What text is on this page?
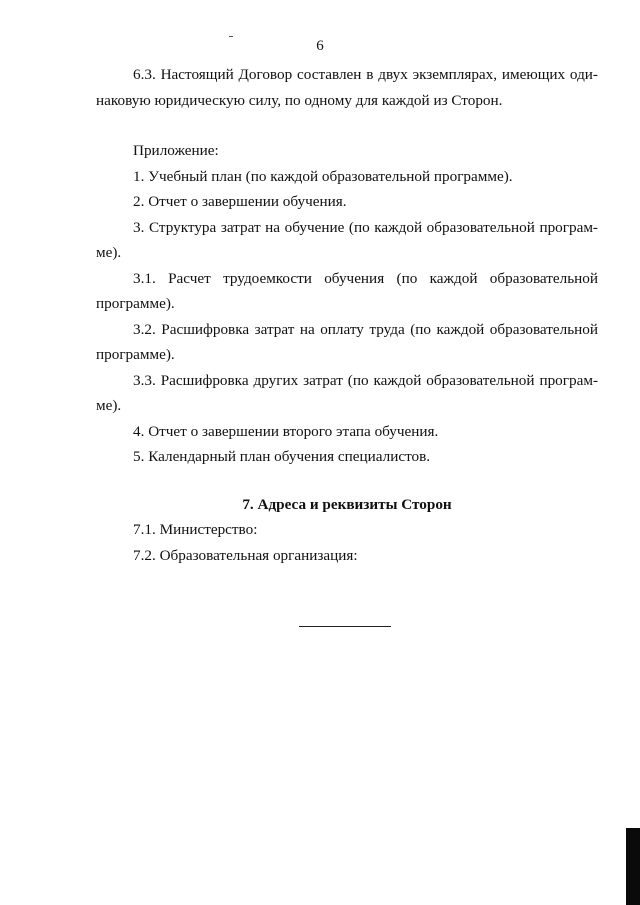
6

6.3. Настоящий Договор составлен в двух экземплярах, имеющих оди-

наковую юридическую силу, по одному для каждой из Сторон.

Приложение:

1. Учебный план (по каждой образовательной программе).

2. Отчет о завершении обучения.

3. Структура затрат на обучение (по каждой образовательной програм-

ме).

3.1. Расчет трудоемкости обучения (по каждой образовательной

программе).

3.2. Расшифровка затрат на оплату труда (по каждой образовательной

программе).

3.3. Расшифровка других затрат (по каждой образовательной програм-

ме).

4. Отчет о завершении второго этапа обучения.

5. Календарный план обучения специалистов.

7. Адреса и реквизиты Сторон

7.1. Министерство:

7.2. Образовательная организация:
